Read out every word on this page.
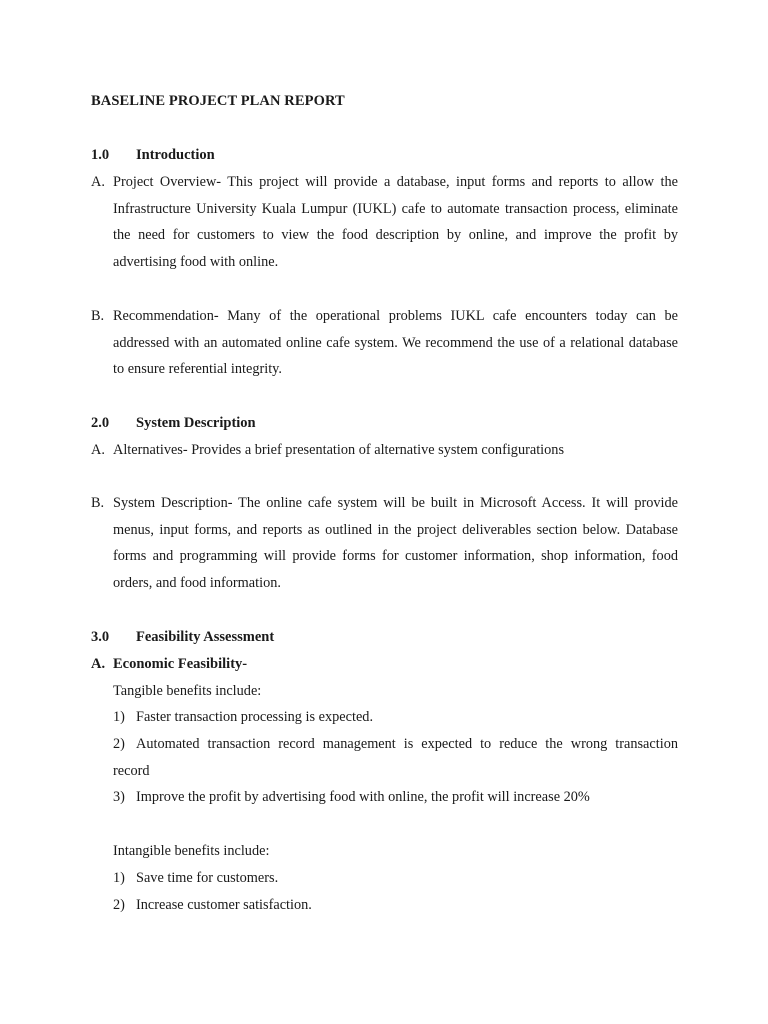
BASELINE PROJECT PLAN REPORT
1.0 Introduction
A. Project Overview- This project will provide a database, input forms and reports to allow the Infrastructure University Kuala Lumpur (IUKL) cafe to automate transaction process, eliminate the need for customers to view the food description by online, and improve the profit by advertising food with online.
B. Recommendation- Many of the operational problems IUKL cafe encounters today can be addressed with an automated online cafe system. We recommend the use of a relational database to ensure referential integrity.
2.0 System Description
A. Alternatives- Provides a brief presentation of alternative system configurations
B. System Description- The online cafe system will be built in Microsoft Access. It will provide menus, input forms, and reports as outlined in the project deliverables section below. Database forms and programming will provide forms for customer information, shop information, food orders, and food information.
3.0 Feasibility Assessment
A. Economic Feasibility-
Tangible benefits include:
1) Faster transaction processing is expected.
2) Automated transaction record management is expected to reduce the wrong transaction
record
3) Improve the profit by advertising food with online, the profit will increase 20%
Intangible benefits include:
1) Save time for customers.
2) Increase customer satisfaction.
